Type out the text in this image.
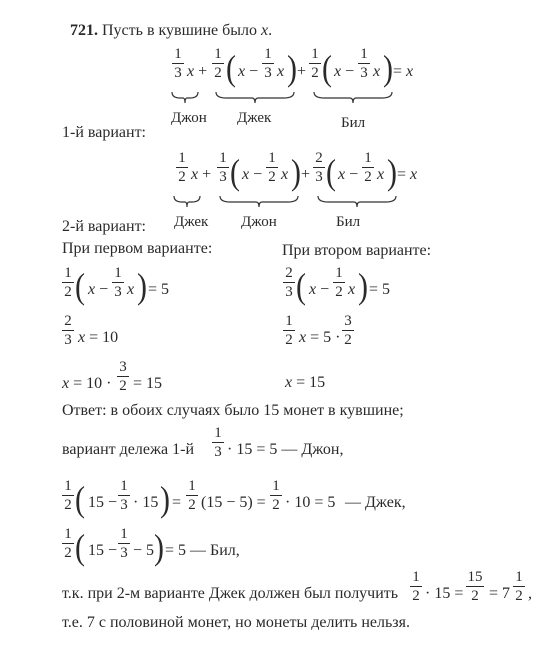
721. Пусть в кувшине было x.
1
3 x +
1
2 ( x −
1
3 x ) +
1
2 ( x −
1
3 x ) = x
Джон Джек	Бил
1-й вариант:
1
2 x +
1
3 ( x −
1
2 x ) +
2
3 ( x −
1
2 x ) = x
Джек Джон	Бил
2-й вариант:
При первом варианте:	При втором варианте:
1
2 ( x −
1
3 x ) = 5
2
3 x = 10
x = 10 ·
3
2 = 15
2
3 ( x −
1
2 x ) = 5
1
2 x = 5 ·
3
2
x = 15
Ответ: в обоих случаях было 15 монет в кувшине;
вариант дележа 1-й
1
3 · 15 = 5 — Джон,
1
2 ( 15 −
1
3 · 15 ) =
1
2 (15 − 5) =
1
2 · 10 = 5 — Джек,
1
2 ( 15 −
1
3 − 5 ) = 5 — Бил,
т.к. при 2-м варианте Джек должен был получить
1
2 · 15 =
15
2 = 7
1
2 ,
т.е. 7 с половиной монет, но монеты делить нельзя.
